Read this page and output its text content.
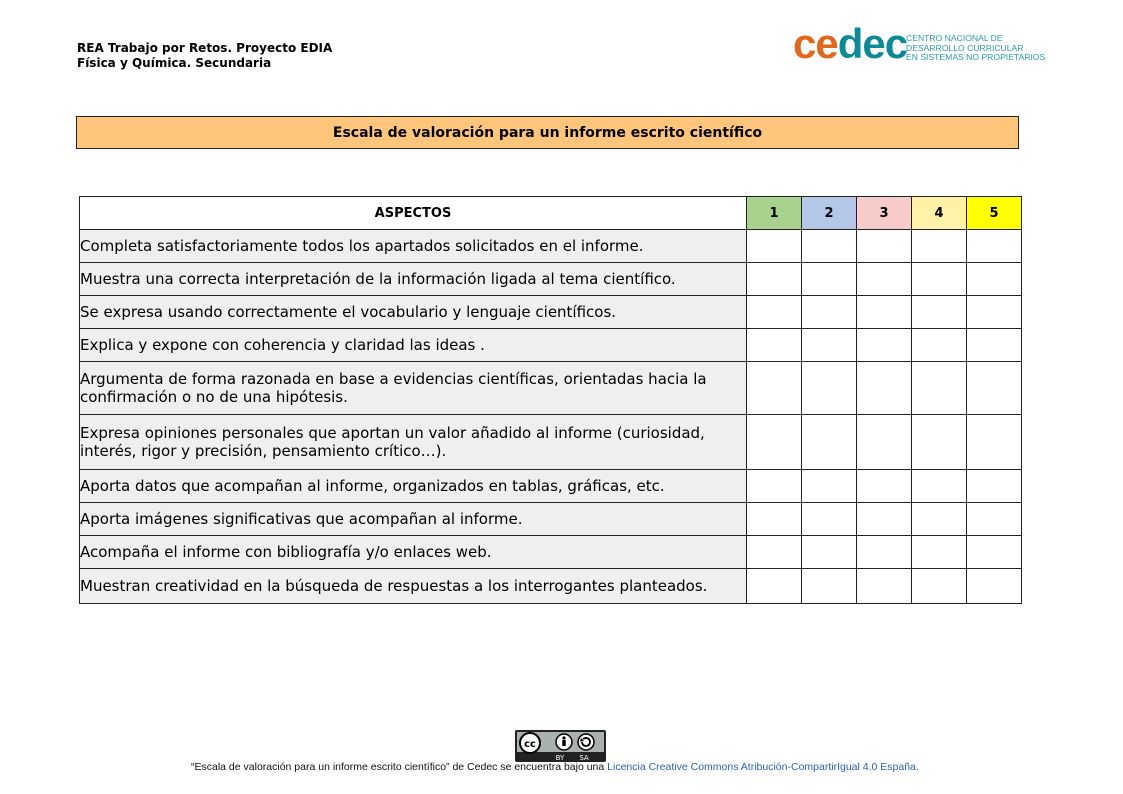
REA Trabajo por Retos. Proyecto EDIA
Física y Química. Secundaria	cedec
CENTRO NACIONAL DE
DESARROLLO CURRICULAR
EN SISTEMAS NO PROPIETARIOS
Escala de valoración para un informe escrito científico
ASPECTOS	1	2	3	4	5
Completa satisfactoriamente todos los apartados solicitados en el informe.					
Muestra una correcta interpretación de la información ligada al tema científico.					
Se expresa usando correctamente el vocabulario y lenguaje científicos.					
Explica y expone con coherencia y claridad las ideas .					
Argumenta de forma razonada en base a evidencias científicas, orientadas hacia la confirmación o no de una hipótesis.					
Expresa opiniones personales que aportan un valor añadido al informe (curiosidad, interés, rigor y precisión, pensamiento crítico…).					
Aporta datos que acompañan al informe, organizados en tablas, gráficas, etc.					
Aporta imágenes significativas que acompañan al informe.					
Acompaña el informe con bibliografía y/o enlaces web.					
Muestran creatividad en la búsqueda de respuestas a los interrogantes planteados.					
cc
BY SA
“Escala de valoración para un informe escrito científico” de Cedec se encuentra bajo una Licencia Creative Commons Atribución-CompartirIgual 4.0 España.
